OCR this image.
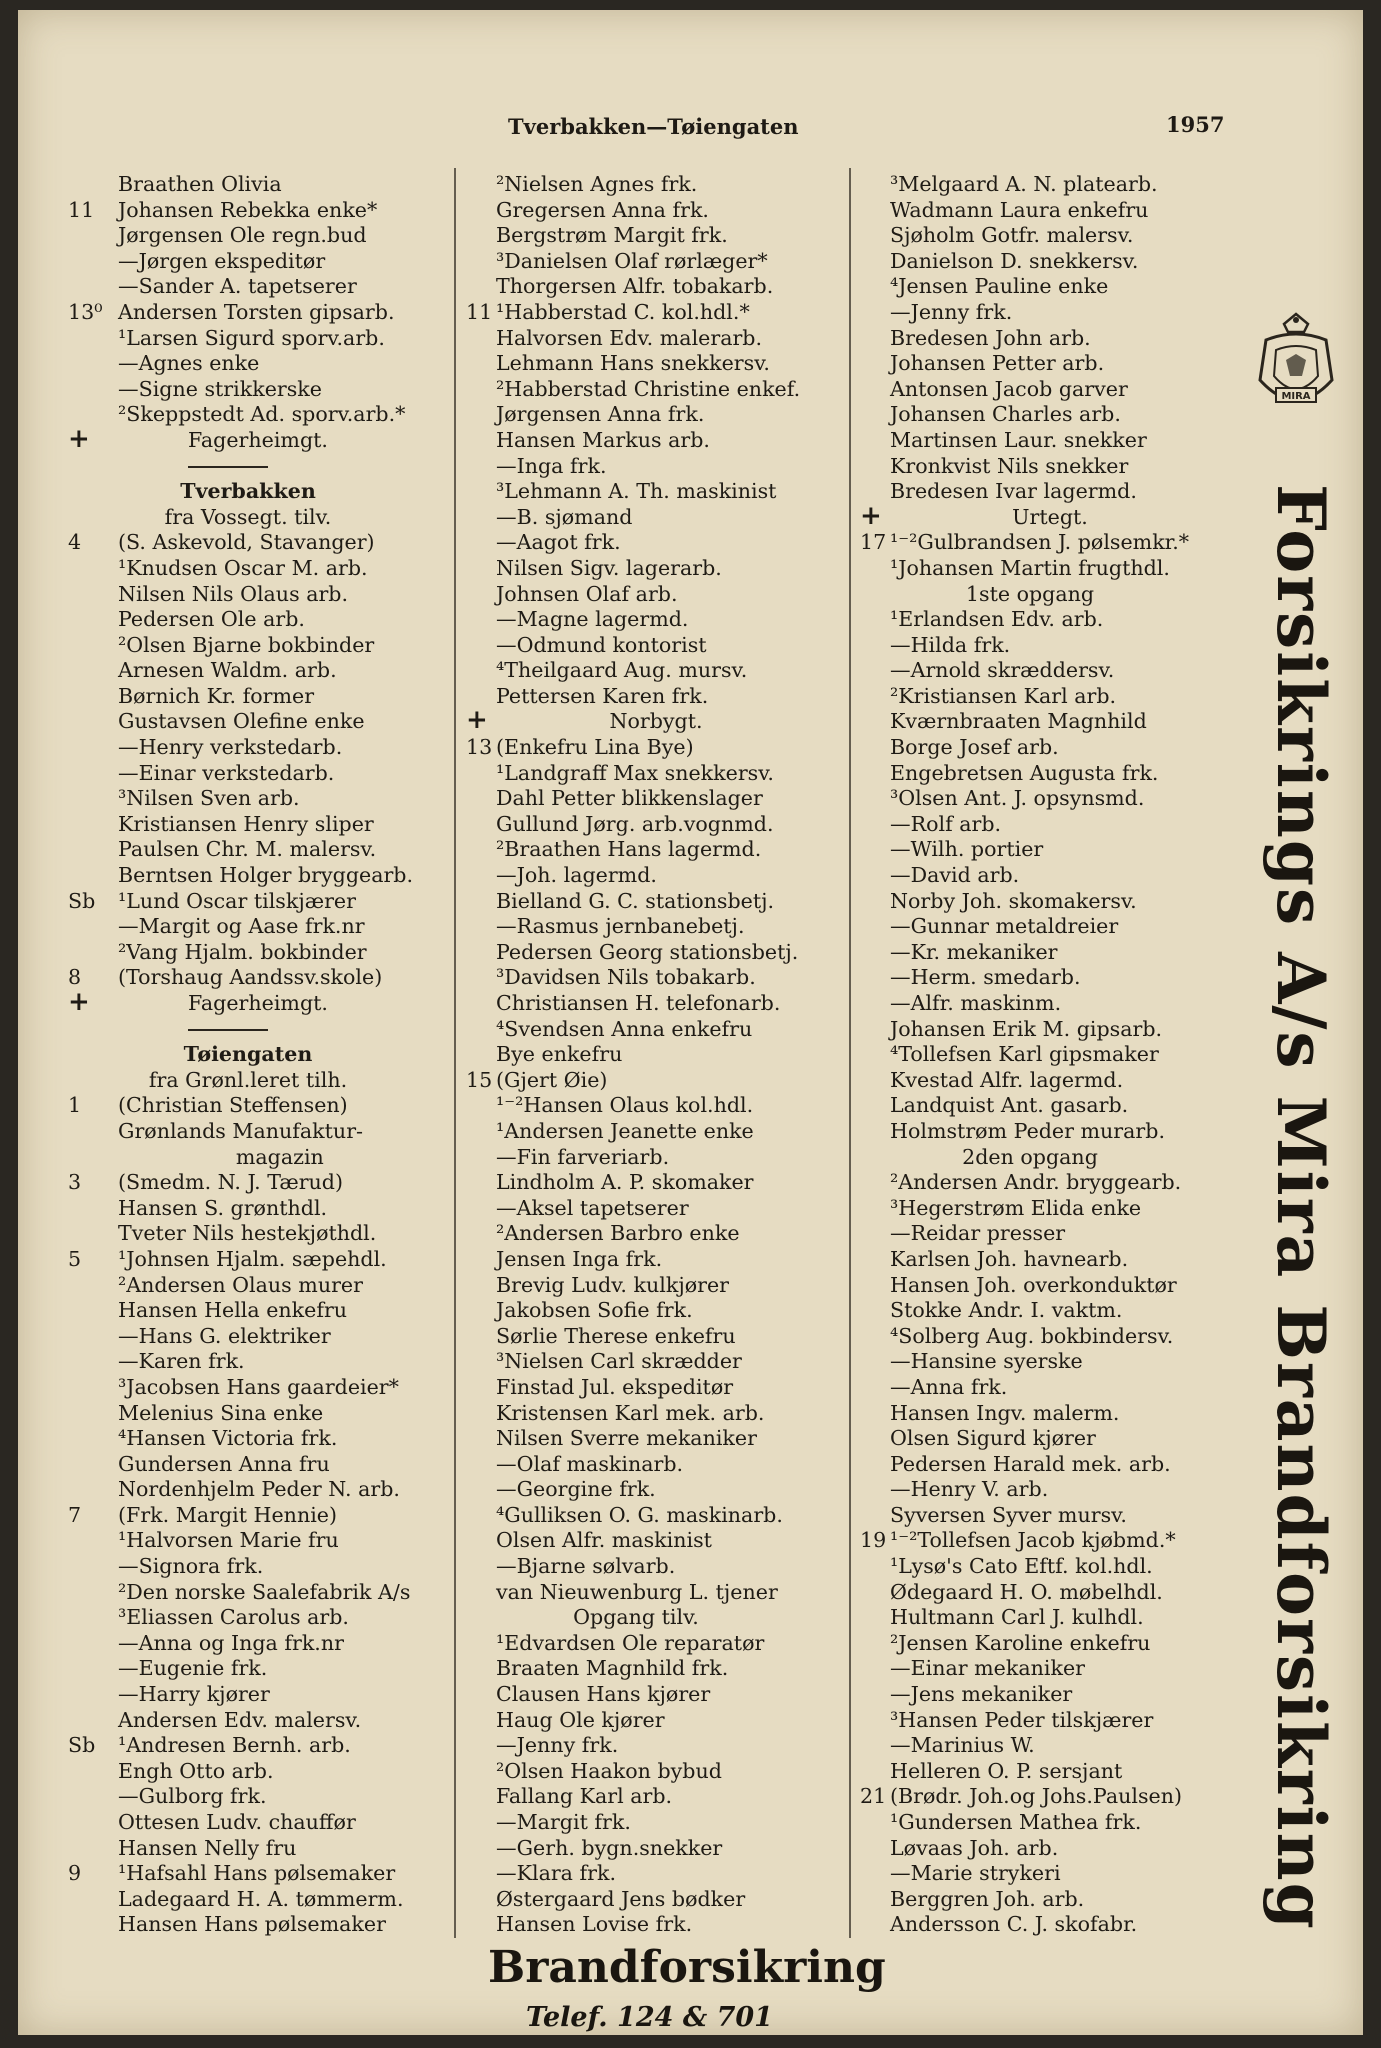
Tverbakken—Tøiengaten	1957
Braathen Olivia
11 Johansen Rebekka enke*
Jørgensen Ole regn.bud
—Jørgen ekspeditør
—Sander A. tapetserer
13⁰ Andersen Torsten gipsarb.
¹Larsen Sigurd sporv.arb.
—Agnes enke
—Signe strikkerske
²Skeppstedt Ad. sporv.arb.*
+	Fagerheimgt.
Tverbakken
fra Vossegt. tilv.
4 (S. Askevold, Stavanger)
¹Knudsen Oscar M. arb.
Nilsen Nils Olaus arb.
Pedersen Ole arb.
²Olsen Bjarne bokbinder
Arnesen Waldm. arb.
Børnich Kr. former
Gustavsen Olefine enke
—Henry verkstedarb.
—Einar verkstedarb.
³Nilsen Sven arb.
Kristiansen Henry sliper
Paulsen Chr. M. malersv.
Berntsen Holger bryggearb.
Sb ¹Lund Oscar tilskjærer
—Margit og Aase frk.nr
²Vang Hjalm. bokbinder
8 (Torshaug Aandssv.skole)
+	Fagerheimgt.
Tøiengaten
fra Grønl.leret tilh.
1 (Christian Steffensen)
Grønlands Manufaktur-
magazin
3 (Smedm. N. J. Tærud)
Hansen S. grønthdl.
Tveter Nils hestekjøthdl.
5 ¹Johnsen Hjalm. sæpehdl.
²Andersen Olaus murer
Hansen Hella enkefru
—Hans G. elektriker
—Karen frk.
³Jacobsen Hans gaardeier*
Melenius Sina enke
⁴Hansen Victoria frk.
Gundersen Anna fru
Nordenhjelm Peder N. arb.
7 (Frk. Margit Hennie)
¹Halvorsen Marie fru
—Signora frk.
²Den norske Saalefabrik A/s
³Eliassen Carolus arb.
—Anna og Inga frk.nr
—Eugenie frk.
—Harry kjører
Andersen Edv. malersv.
Sb ¹Andresen Bernh. arb.
Engh Otto arb.
—Gulborg frk.
Ottesen Ludv. chauffør
Hansen Nelly fru
9 ¹Hafsahl Hans pølsemaker
Ladegaard H. A. tømmerm.
Hansen Hans pølsemaker
²Nielsen Agnes frk.
Gregersen Anna frk.
Bergstrøm Margit frk.
³Danielsen Olaf rørlæger*
Thorgersen Alfr. tobakarb.
11 ¹Habberstad C. kol.hdl.*
Halvorsen Edv. malerarb.
Lehmann Hans snekkersv.
²Habberstad Christine enkef.
Jørgensen Anna frk.
Hansen Markus arb.
—Inga frk.
³Lehmann A. Th. maskinist
—B. sjømand
—Aagot frk.
Nilsen Sigv. lagerarb.
Johnsen Olaf arb.
—Magne lagermd.
—Odmund kontorist
⁴Theilgaard Aug. mursv.
Pettersen Karen frk.
+	Norbygt.
13 (Enkefru Lina Bye)
¹Landgraff Max snekkersv.
Dahl Petter blikkenslager
Gullund Jørg. arb.vognmd.
²Braathen Hans lagermd.
—Joh. lagermd.
Bielland G. C. stationsbetj.
—Rasmus jernbanebetj.
Pedersen Georg stationsbetj.
³Davidsen Nils tobakarb.
Christiansen H. telefonarb.
⁴Svendsen Anna enkefru
Bye enkefru
15 (Gjert Øie)
¹⁻²Hansen Olaus kol.hdl.
¹Andersen Jeanette enke
—Fin farveriarb.
Lindholm A. P. skomaker
—Aksel tapetserer
²Andersen Barbro enke
Jensen Inga frk.
Brevig Ludv. kulkjører
Jakobsen Sofie frk.
Sørlie Therese enkefru
³Nielsen Carl skrædder
Finstad Jul. ekspeditør
Kristensen Karl mek. arb.
Nilsen Sverre mekaniker
—Olaf maskinarb.
—Georgine frk.
⁴Gulliksen O. G. maskinarb.
Olsen Alfr. maskinist
—Bjarne sølvarb.
van Nieuwenburg L. tjener
Opgang tilv.
¹Edvardsen Ole reparatør
Braaten Magnhild frk.
Clausen Hans kjører
Haug Ole kjører
—Jenny frk.
²Olsen Haakon bybud
Fallang Karl arb.
—Margit frk.
—Gerh. bygn.snekker
—Klara frk.
Østergaard Jens bødker
Hansen Lovise frk.
³Melgaard A. N. platearb.
Wadmann Laura enkefru
Sjøholm Gotfr. malersv.
Danielson D. snekkersv.
⁴Jensen Pauline enke
—Jenny frk.
Bredesen John arb.
Johansen Petter arb.
Antonsen Jacob garver
Johansen Charles arb.
Martinsen Laur. snekker
Kronkvist Nils snekker
Bredesen Ivar lagermd.
+	Urtegt.
17 ¹⁻²Gulbrandsen J. pølsemkr.*
¹Johansen Martin frugthdl.
1ste opgang
¹Erlandsen Edv. arb.
—Hilda frk.
—Arnold skræddersv.
²Kristiansen Karl arb.
Kværnbraaten Magnhild
Borge Josef arb.
Engebretsen Augusta frk.
³Olsen Ant. J. opsynsmd.
—Rolf arb.
—Wilh. portier
—David arb.
Norby Joh. skomakersv.
—Gunnar metaldreier
—Kr. mekaniker
—Herm. smedarb.
—Alfr. maskinm.
Johansen Erik M. gipsarb.
⁴Tollefsen Karl gipsmaker
Kvestad Alfr. lagermd.
Landquist Ant. gasarb.
Holmstrøm Peder murarb.
2den opgang
²Andersen Andr. bryggearb.
³Hegerstrøm Elida enke
—Reidar presser
Karlsen Joh. havnearb.
Hansen Joh. overkonduktør
Stokke Andr. I. vaktm.
⁴Solberg Aug. bokbindersv.
—Hansine syerske
—Anna frk.
Hansen Ingv. malerm.
Olsen Sigurd kjører
Pedersen Harald mek. arb.
—Henry V. arb.
Syversen Syver mursv.
19 ¹⁻²Tollefsen Jacob kjøbmd.*
¹Lysø's Cato Eftf. kol.hdl.
Ødegaard H. O. møbelhdl.
Hultmann Carl J. kulhdl.
²Jensen Karoline enkefru
—Einar mekaniker
—Jens mekaniker
³Hansen Peder tilskjærer
—Marinius W.
Helleren O. P. sersjant
21 (Brødr. Joh.og Johs.Paulsen)
¹Gundersen Mathea frk.
Løvaas Joh. arb.
—Marie strykeri
Berggren Joh. arb.
Andersson C. J. skofabr.
MIRA
Forsikrings A/s Mira Brandforsikring
Brandforsikring
Telef. 124 & 701
